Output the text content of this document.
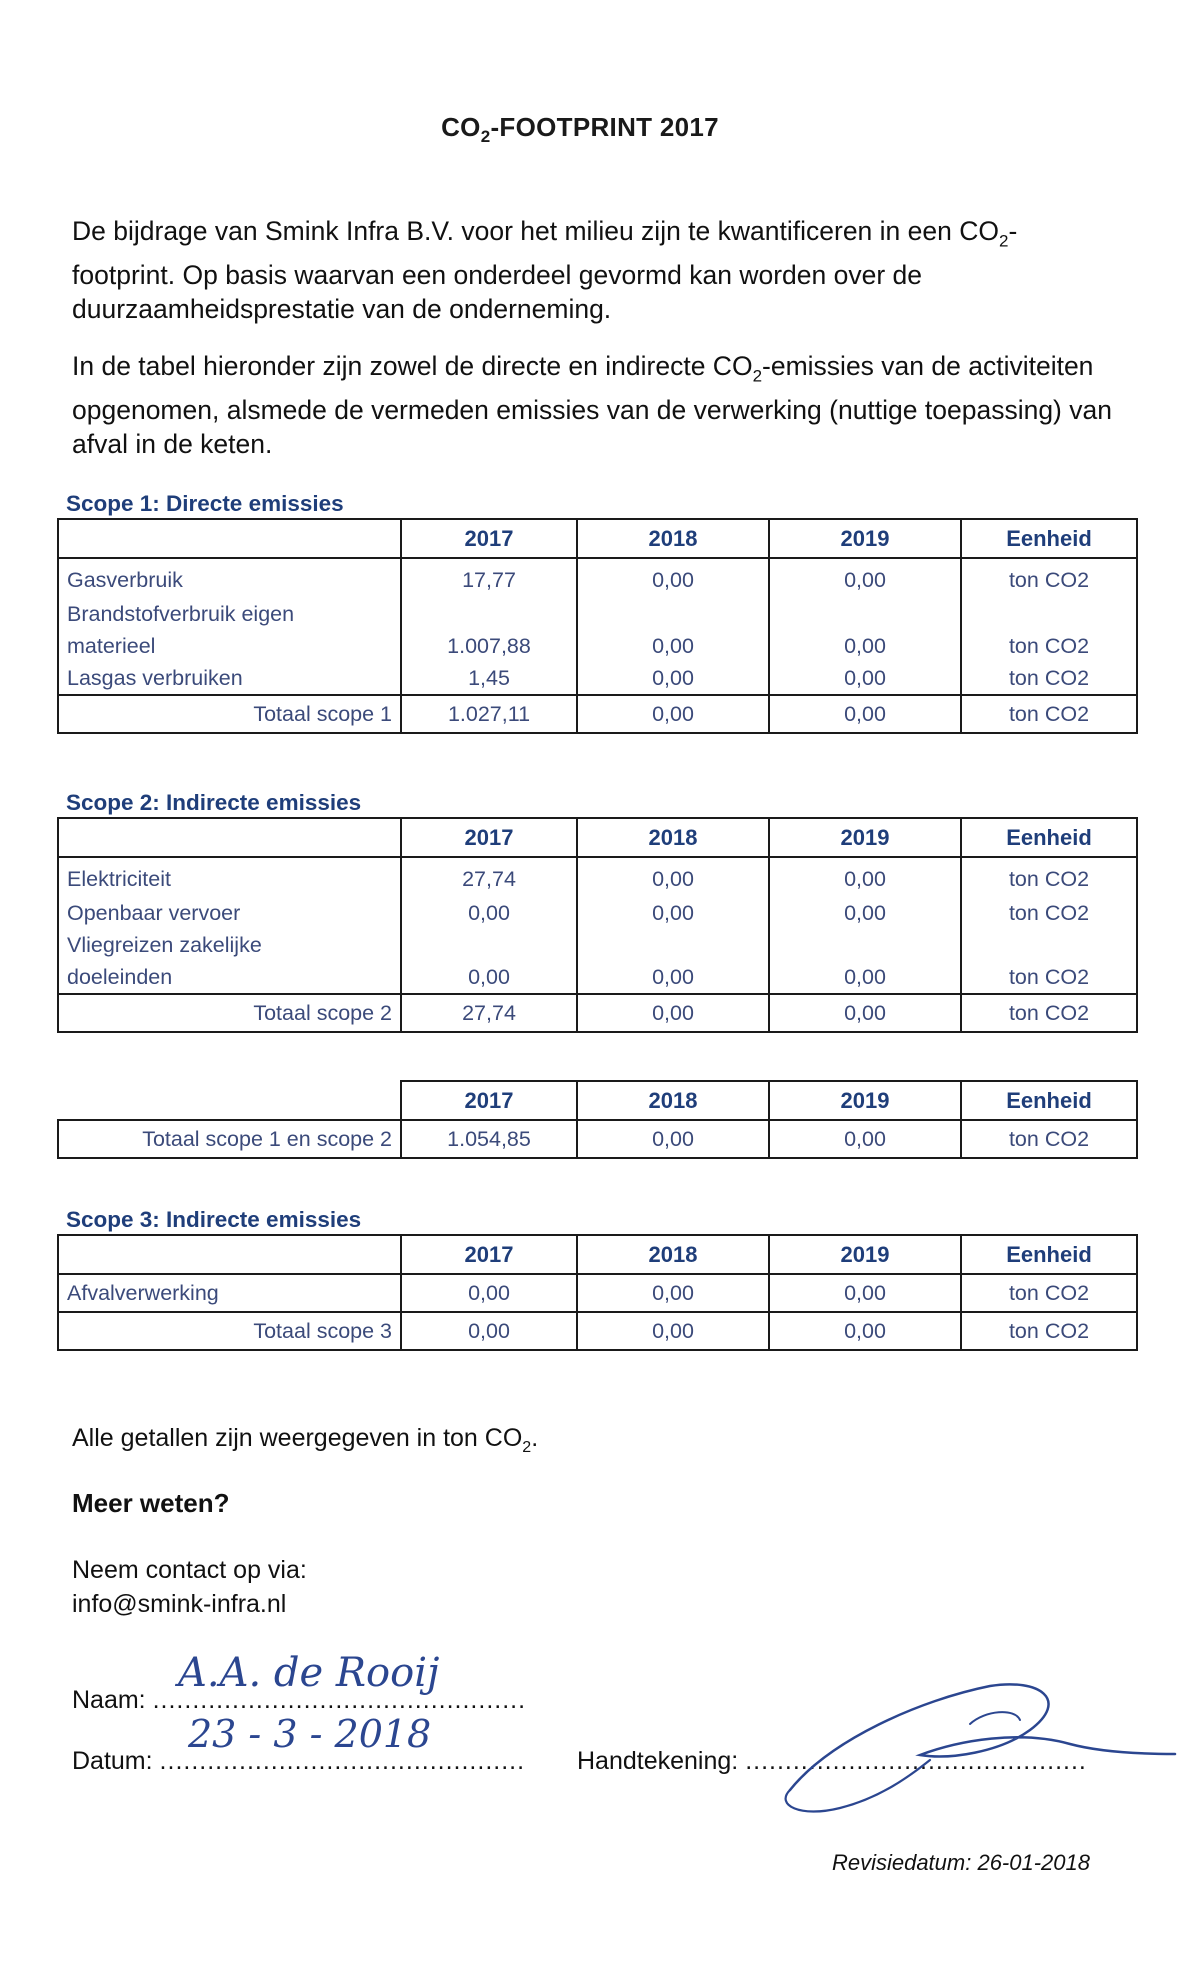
$CO_2$-FOOTPRINT 2017
De bijdrage van Smink Infra B.V. voor het milieu zijn te kwantificeren in een $CO_2$-footprint. Op basis waarvan een onderdeel gevormd kan worden over de duurzaamheidsprestatie van de onderneming.
In de tabel hieronder zijn zowel de directe en indirecte $CO_2$-emissies van de activiteiten opgenomen, alsmede de vermeden emissies van de verwerking (nuttige toepassing) van afval in de keten.
Scope 1: Directe emissies
	2017	2018	2019	Eenheid
Gasverbruik	17,77	0,00	0,00	ton CO2
Brandstofverbruik eigen				
materieel	1.007,88	0,00	0,00	ton CO2
Lasgas verbruiken	1,45	0,00	0,00	ton CO2
Totaal scope 1	1.027,11	0,00	0,00	ton CO2
Scope 2: Indirecte emissies
	2017	2018	2019	Eenheid
Elektriciteit	27,74	0,00	0,00	ton CO2
Openbaar vervoer	0,00	0,00	0,00	ton CO2
Vliegreizen zakelijke				
doeleinden	0,00	0,00	0,00	ton CO2
Totaal scope 2	27,74	0,00	0,00	ton CO2
	2017	2018	2019	Eenheid
Totaal scope 1 en scope 2	1.054,85	0,00	0,00	ton CO2
Scope 3: Indirecte emissies
	2017	2018	2019	Eenheid
Afvalverwerking	0,00	0,00	0,00	ton CO2
Totaal scope 3	0,00	0,00	0,00	ton CO2
Alle getallen zijn weergegeven in ton $CO_2$.
Meer weten?
Neem contact op via:
info@smink-infra.nl
Naam: ...............................................
A.A. de Rooij
Datum: ..............................................
23 - 3 - 2018
Handtekening: ...........................................
Revisiedatum: 26-01-2018
